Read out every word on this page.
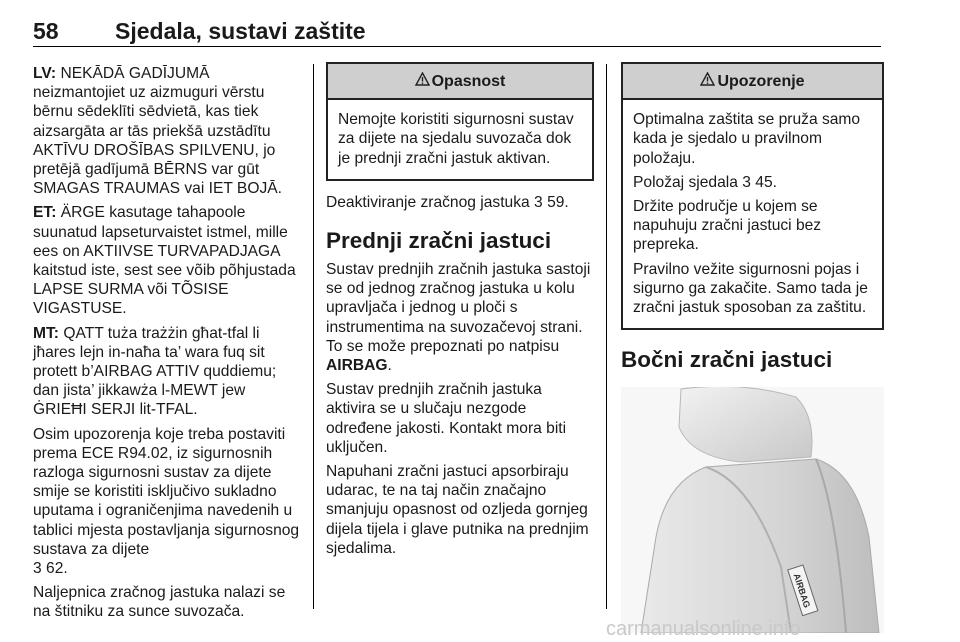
58 Sjedala, sustavi zaštite

LV: NEKĀDĀ GADĪJUMĀ neizmantojiet uz aizmuguri vērstu bērnu sēdeklīti sēdvietā, kas tiek aizsargāta ar tās priekšā uzstādītu AKTĪVU DROŠĪBAS SPILVENU, jo pretējā gadījumā BĒRNS var gūt SMAGAS TRAUMAS vai IET BOJĀ.

ET: ÄRGE kasutage tahapoole suunatud lapseturvaistet istmel, mille ees on AKTIIVSE TURVAPADJAGA kaitstud iste, sest see võib põhjustada LAPSE SURMA või TÕSISE VIGASTUSE.

MT: QATT tuża trażżin għat-tfal li jħares lejn in-naħa ta’ wara fuq sit protett b’AIRBAG ATTIV quddiemu; dan jista’ jikkawża l-MEWT jew ĠRIEĦI SERJI lit-TFAL.

Osim upozorenja koje treba postaviti prema ECE R94.02, iz sigurnosnih razloga sigurnosni sustav za dijete smije se koristiti isključivo sukladno uputama i ograničenjima navedenih u tablici mjesta postavljanja sigurnosnog sustava za dijete
3 62.

Naljepnica zračnog jastuka nalazi se na štitniku za sunce suvozača.

Opasnost

Nemojte koristiti sigurnosni sustav za dijete na sjedalu suvozača dok je prednji zračni jastuk aktivan.

Deaktiviranje zračnog jastuka 3 59.

Prednji zračni jastuci

Sustav prednjih zračnih jastuka sastoji se od jednog zračnog jastuka u kolu upravljača i jednog u ploči s instrumentima na suvozačevoj strani. To se može prepoznati po natpisu
AIRBAG.

Sustav prednjih zračnih jastuka aktivira se u slučaju nezgode određene jakosti. Kontakt mora biti uključen.

Napuhani zračni jastuci apsorbiraju udarac, te na taj način značajno smanjuju opasnost od ozljeda gornjeg dijela tijela i glave putnika na prednjim sjedalima.

Upozorenje

Optimalna zaštita se pruža samo kada je sjedalo u pravilnom položaju.

Položaj sjedala 3 45.

Držite područje u kojem se napuhuju zračni jastuci bez prepreka.

Pravilno vežite sigurnosni pojas i sigurno ga zakačite. Samo tada je zračni jastuk sposoban za zaštitu.

Bočni zračni jastuci
AIRBAG
carmanualsonline.info
